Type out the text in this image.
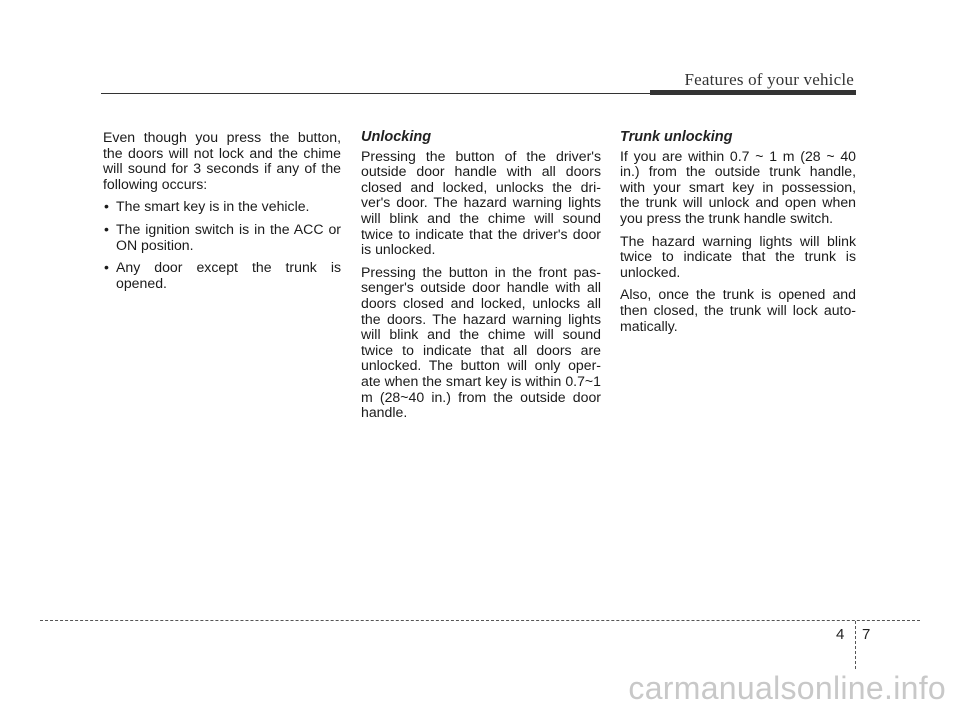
Features of your vehicle

Even though you press the button, the doors will not lock and the chime will sound for 3 seconds if any of the following occurs:

• The smart key is in the vehicle.
• The ignition switch is in the ACC or ON position.
• Any door except the trunk is opened.
Unlocking

Pressing the button of the driver's outside door handle with all doors closed and locked, unlocks the dri-ver's door. The hazard warning lights will blink and the chime will sound twice to indicate that the driver's door is unlocked.

Pressing the button in the front pas-senger's outside door handle with all doors closed and locked, unlocks all the doors. The hazard warning lights will blink and the chime will sound twice to indicate that all doors are unlocked. The button will only oper-ate when the smart key is within 0.7~1 m (28~40 in.) from the outside door handle.

Trunk unlocking

If you are within 0.7 ~ 1 m (28 ~ 40 in.) from the outside trunk handle, with your smart key in possession, the trunk will unlock and open when you press the trunk handle switch.

The hazard warning lights will blink twice to indicate that the trunk is unlocked.

Also, once the trunk is opened and then closed, the trunk will lock auto-matically.

4 7
carmanualsonline.info
